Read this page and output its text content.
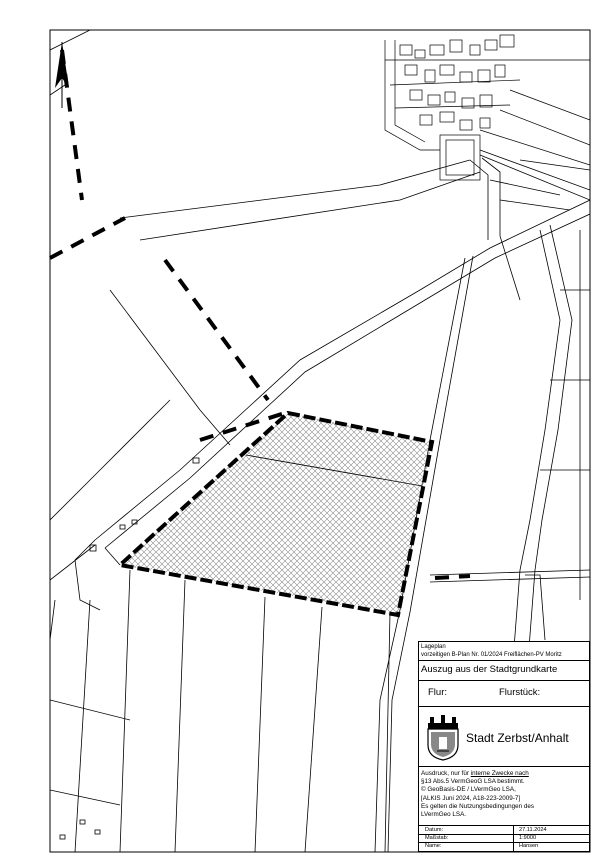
Lageplan
vorzeitigen B-Plan Nr. 01/2024 Freiflächen-PV Moritz
Auszug aus der Stadtgrundkarte
Flur:	Flurstück:
Stadt Zerbst/Anhalt
Ausdruck, nur für interne Zwecke nach
§13 Abs.5 VermGeoG LSA bestimmt.
© GeoBasis-DE / LVermGeo LSA,
[ALKIS Juni 2024, A18-223-2009-7]
Es gelten die Nutzungsbedingungen des
LVermGeo LSA.
Datum:	27.11.2024
Maßstab:	1:9000
Name:	Hansen
